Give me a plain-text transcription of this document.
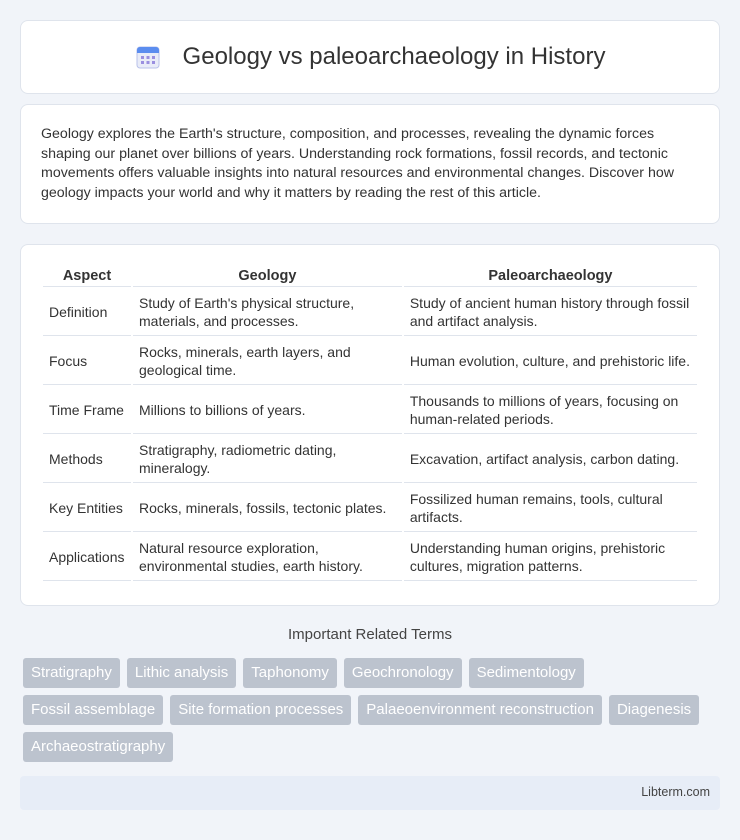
Geology vs paleoarchaeology in History

Geology explores the Earth's structure, composition, and processes, revealing the dynamic forces shaping our planet over billions of years. Understanding rock formations, fossil records, and tectonic movements offers valuable insights into natural resources and environmental changes. Discover how geology impacts your world and why it matters by reading the rest of this article.

Aspect	Geology	Paleoarchaeology
Definition	Study of Earth's physical structure, materials, and processes.	Study of ancient human history through fossil and artifact analysis.
Focus	Rocks, minerals, earth layers, and geological time.	Human evolution, culture, and prehistoric life.
Time Frame	Millions to billions of years.	Thousands to millions of years, focusing on human-related periods.
Methods	Stratigraphy, radiometric dating, mineralogy.	Excavation, artifact analysis, carbon dating.
Key Entities	Rocks, minerals, fossils, tectonic plates.	Fossilized human remains, tools, cultural artifacts.
Applications	Natural resource exploration, environmental studies, earth history.	Understanding human origins, prehistoric cultures, migration patterns.
Important Related Terms
Stratigraphy	Lithic analysis	Taphonomy	Geochronology	Sedimentology
Fossil assemblage	Site formation processes	Palaeoenvironment reconstruction	Diagenesis
Archaeostratigraphy
Libterm.com
